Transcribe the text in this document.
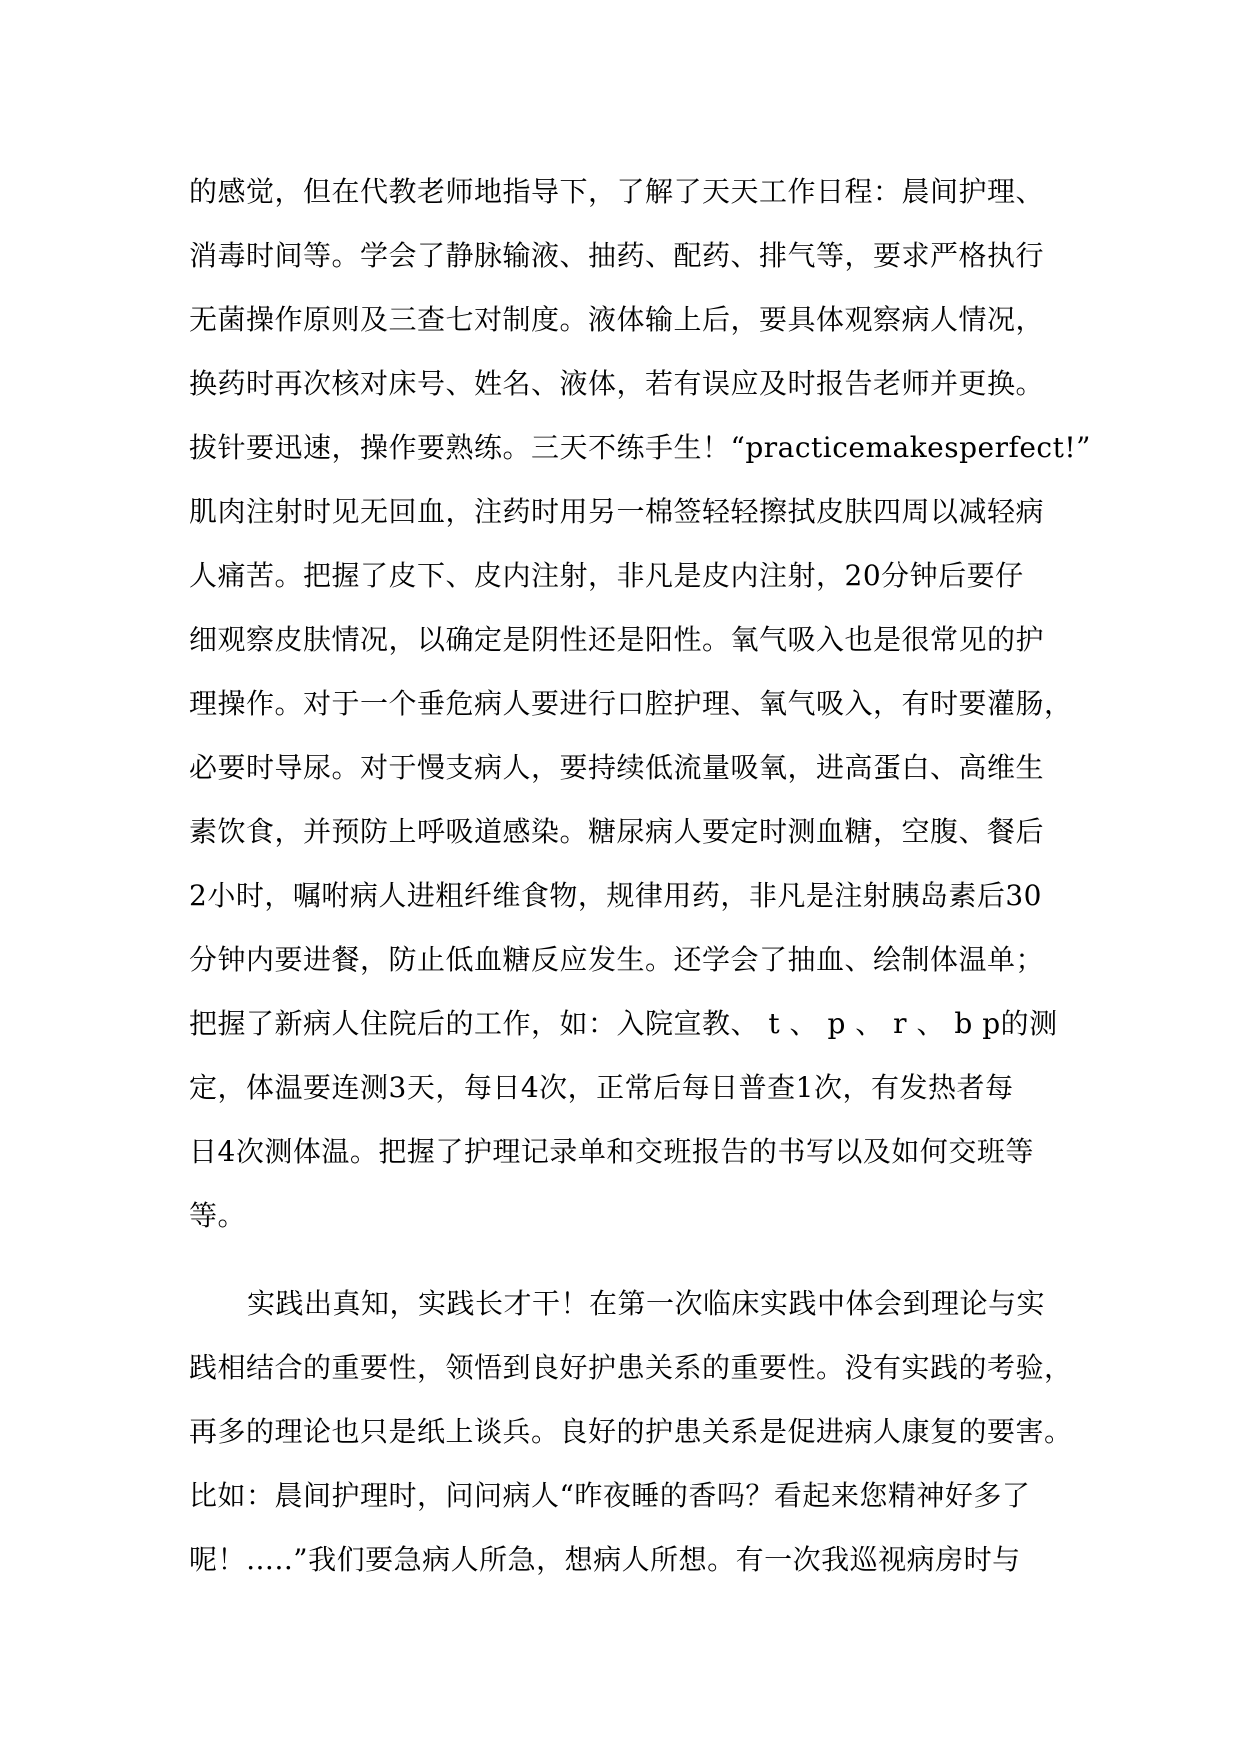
的感觉，但在代教老师地指导下，了解了天天工作日程：晨间护理、
消毒时间等。学会了静脉输液、抽药、配药、排气等，要求严格执行
无菌操作原则及三查七对制度。液体输上后，要具体观察病人情况，
换药时再次核对床号、姓名、液体，若有误应及时报告老师并更换。
拔针要迅速，操作要熟练。三天不练手生！“practicemakesperfect!”
肌肉注射时见无回血，注药时用另一棉签轻轻擦拭皮肤四周以减轻病
人痛苦。把握了皮下、皮内注射，非凡是皮内注射，20分钟后要仔
细观察皮肤情况，以确定是阴性还是阳性。氧气吸入也是很常见的护
理操作。对于一个垂危病人要进行口腔护理、氧气吸入，有时要灌肠，
必要时导尿。对于慢支病人，要持续低流量吸氧，进高蛋白、高维生
素饮食，并预防上呼吸道感染。糖尿病人要定时测血糖，空腹、餐后
2小时，嘱咐病人进粗纤维食物，规律用药，非凡是注射胰岛素后30
分钟内要进餐，防止低血糖反应发生。还学会了抽血、绘制体温单；
把握了新病人住院后的工作，如：入院宣教、 t 、 p 、 r 、 b p的测
定，体温要连测3天，每日4次，正常后每日普查1次，有发热者每
日4次测体温。把握了护理记录单和交班报告的书写以及如何交班等
等。
实践出真知，实践长才干！在第一次临床实践中体会到理论与实
践相结合的重要性，领悟到良好护患关系的重要性。没有实践的考验，
再多的理论也只是纸上谈兵。良好的护患关系是促进病人康复的要害。
比如：晨间护理时，问问病人“昨夜睡的香吗？看起来您精神好多了
呢！…..”我们要急病人所急，想病人所想。有一次我巡视病房时与
